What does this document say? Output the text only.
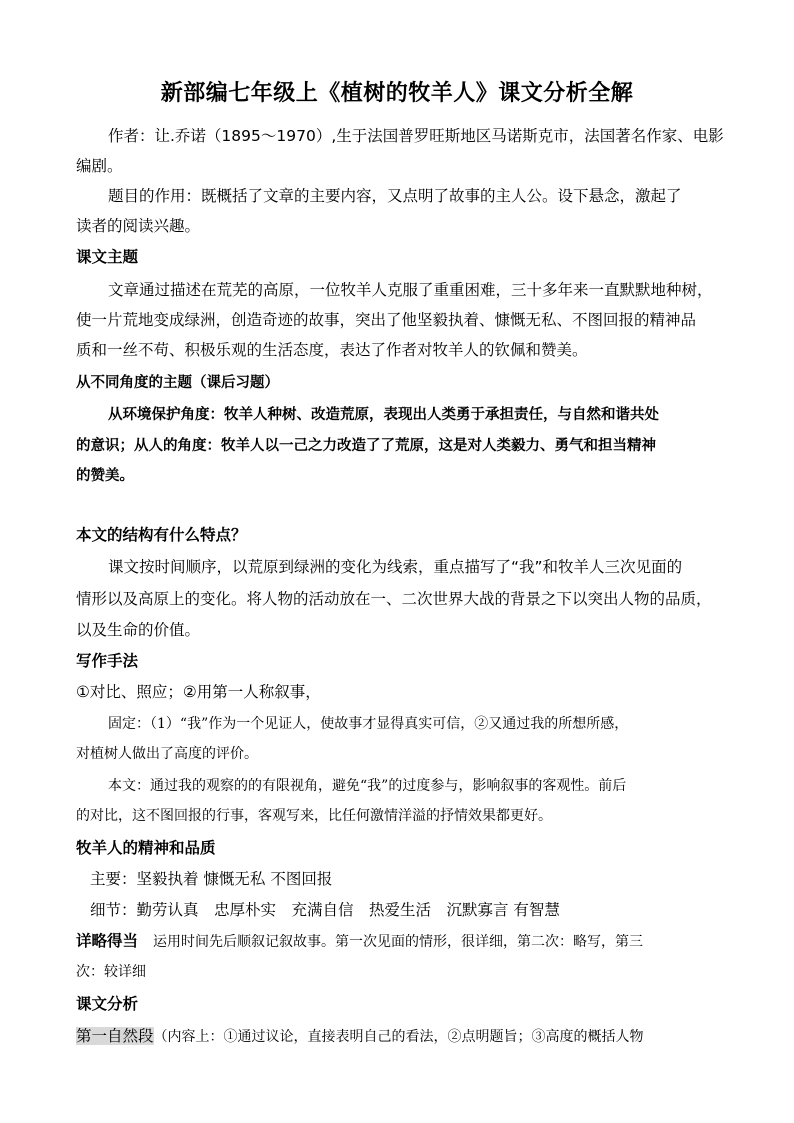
新部编七年级上《植树的牧羊人》课文分析全解
作者：让.乔诺（1895～1970）,生于法国普罗旺斯地区马诺斯克市，法国著名作家、电影
编剧。
题目的作用：既概括了文章的主要内容，又点明了故事的主人公。设下悬念，激起了
读者的阅读兴趣。
课文主题
文章通过描述在荒芜的高原，一位牧羊人克服了重重困难，三十多年来一直默默地种树，
使一片荒地变成绿洲，创造奇迹的故事，突出了他坚毅执着、慷慨无私、不图回报的精神品
质和一丝不苟、积极乐观的生活态度，表达了作者对牧羊人的钦佩和赞美。
从不同角度的主题（课后习题）
从环境保护角度：牧羊人种树、改造荒原，表现出人类勇于承担责任，与自然和谐共处
的意识；从人的角度：牧羊人以一己之力改造了了荒原，这是对人类毅力、勇气和担当精神
的赞美。
本文的结构有什么特点？
课文按时间顺序，以荒原到绿洲的变化为线索，重点描写了“我”和牧羊人三次见面的
情形以及高原上的变化。将人物的活动放在一、二次世界大战的背景之下以突出人物的品质，
以及生命的价值。
写作手法
①对比、照应；②用第一人称叙事，
固定：（1）“我”作为一个见证人，使故事才显得真实可信，②又通过我的所想所感，
对植树人做出了高度的评价。
本文：通过我的观察的的有限视角，避免“我”的过度参与，影响叙事的客观性。前后
的对比，这不图回报的行事，客观写来，比任何激情洋溢的抒情效果都更好。
牧羊人的精神和品质
主要：坚毅执着 慷慨无私 不图回报
细节：勤劳认真　忠厚朴实　充满自信　热爱生活　沉默寡言 有智慧
详略得当 运用时间先后顺叙记叙故事。第一次见面的情形，很详细，第二次：略写，第三
次：较详细
课文分析
第一自然段（内容上：①通过议论，直接表明自己的看法，②点明题旨；③高度的概括人物
